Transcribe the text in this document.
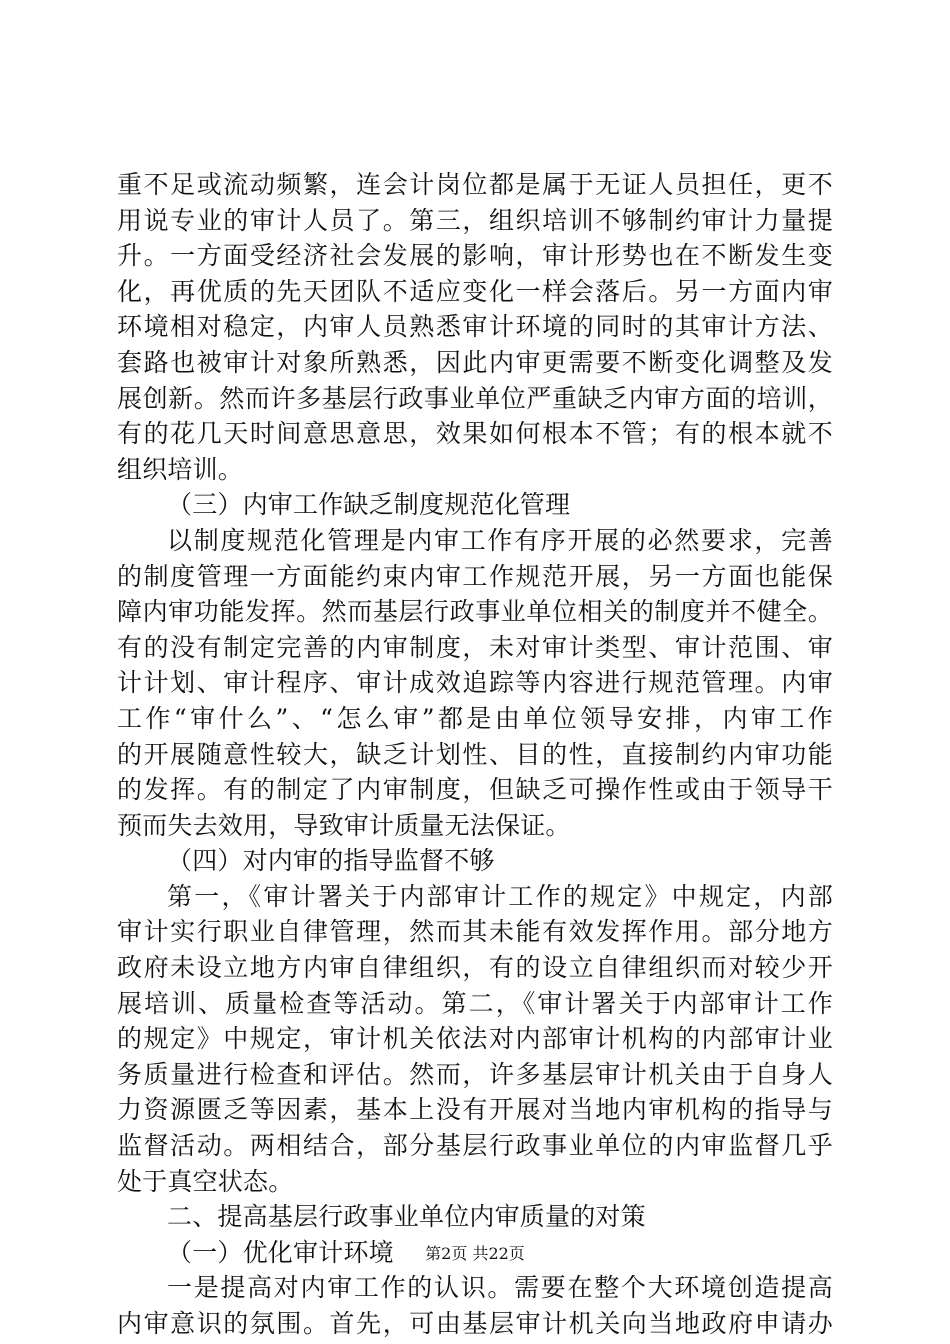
重不足或流动频繁，连会计岗位都是属于无证人员担任，更不
用说专业的审计人员了。第三，组织培训不够制约审计力量提
升。一方面受经济社会发展的影响，审计形势也在不断发生变
化，再优质的先天团队不适应变化一样会落后。另一方面内审
环境相对稳定，内审人员熟悉审计环境的同时的其审计方法、
套路也被审计对象所熟悉，因此内审更需要不断变化调整及发
展创新。然而许多基层行政事业单位严重缺乏内审方面的培训，
有的花几天时间意思意思，效果如何根本不管；有的根本就不
组织培训。
（三）内审工作缺乏制度规范化管理
以制度规范化管理是内审工作有序开展的必然要求，完善
的制度管理一方面能约束内审工作规范开展，另一方面也能保
障内审功能发挥。然而基层行政事业单位相关的制度并不健全。
有的没有制定完善的内审制度，未对审计类型、审计范围、审
计计划、审计程序、审计成效追踪等内容进行规范管理。内审
工作“审什么”、“怎么审”都是由单位领导安排，内审工作
的开展随意性较大，缺乏计划性、目的性，直接制约内审功能
的发挥。有的制定了内审制度，但缺乏可操作性或由于领导干
预而失去效用，导致审计质量无法保证。
（四）对内审的指导监督不够
第一，《审计署关于内部审计工作的规定》中规定，内部
审计实行职业自律管理，然而其未能有效发挥作用。部分地方
政府未设立地方内审自律组织，有的设立自律组织而对较少开
展培训、质量检查等活动。第二，《审计署关于内部审计工作
的规定》中规定，审计机关依法对内部审计机构的内部审计业
务质量进行检查和评估。然而，许多基层审计机关由于自身人
力资源匮乏等因素，基本上没有开展对当地内审机构的指导与
监督活动。两相结合，部分基层行政事业单位的内审监督几乎
处于真空状态。
二、提高基层行政事业单位内审质量的对策
（一）优化审计环境
一是提高对内审工作的认识。需要在整个大环境创造提高
内审意识的氛围。首先，可由基层审计机关向当地政府申请办
第2页 共22页
